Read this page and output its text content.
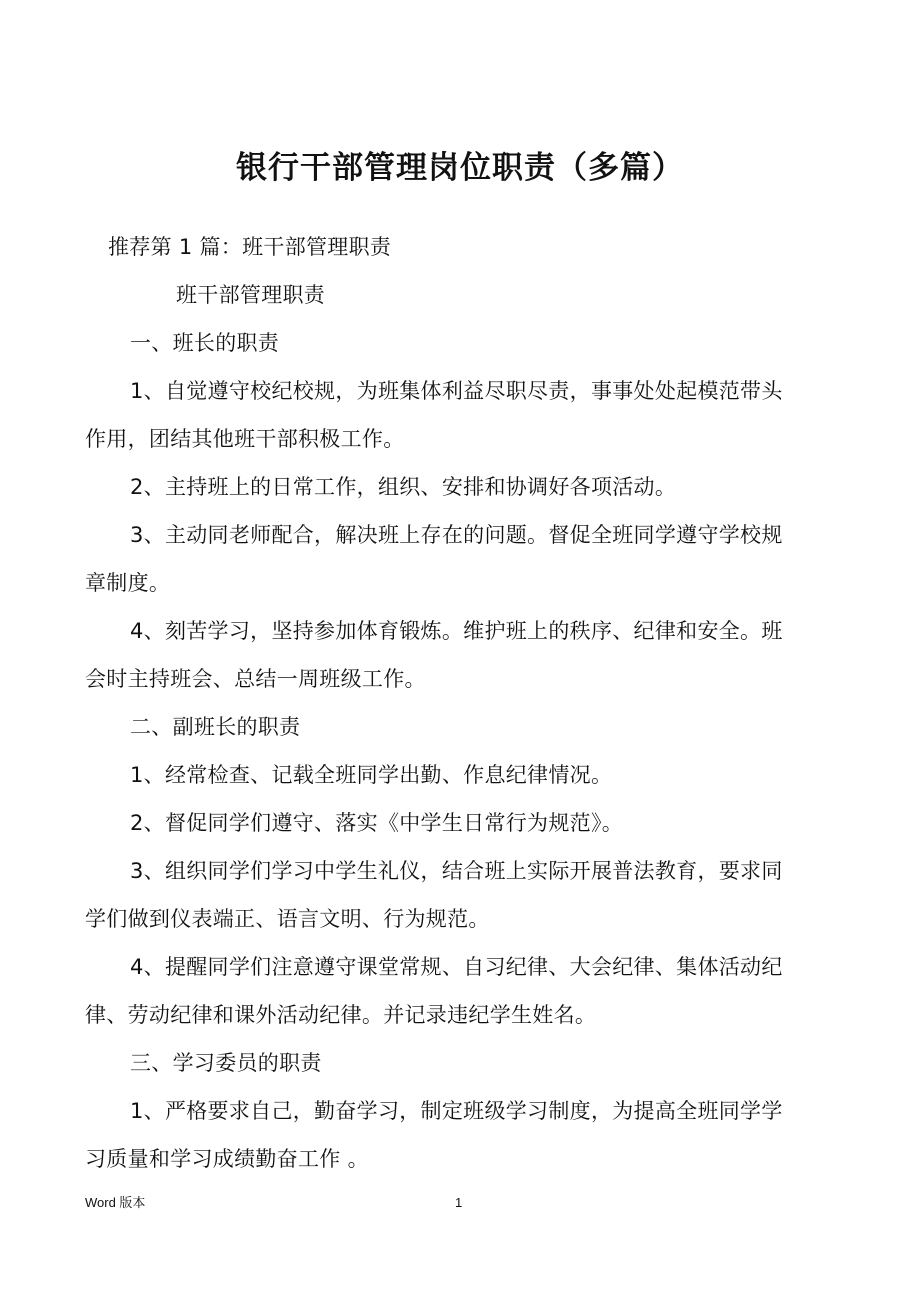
银行干部管理岗位职责（多篇）
推荐第 1 篇：班干部管理职责
班干部管理职责
一、班长的职责
1、自觉遵守校纪校规，为班集体利益尽职尽责，事事处处起模范带头
作用，团结其他班干部积极工作。
2、主持班上的日常工作，组织、安排和协调好各项活动。
3、主动同老师配合，解决班上存在的问题。督促全班同学遵守学校规
章制度。
4、刻苦学习，坚持参加体育锻炼。维护班上的秩序、纪律和安全。班
会时主持班会、总结一周班级工作。
二、副班长的职责
1、经常检查、记载全班同学出勤、作息纪律情况。
2、督促同学们遵守、落实《中学生日常行为规范》。
3、组织同学们学习中学生礼仪，结合班上实际开展普法教育，要求同
学们做到仪表端正、语言文明、行为规范。
4、提醒同学们注意遵守课堂常规、自习纪律、大会纪律、集体活动纪
律、劳动纪律和课外活动纪律。并记录违纪学生姓名。
三、学习委员的职责
1、严格要求自己，勤奋学习，制定班级学习制度，为提高全班同学学
习质量和学习成绩勤奋工作 。
Word 版本	1
